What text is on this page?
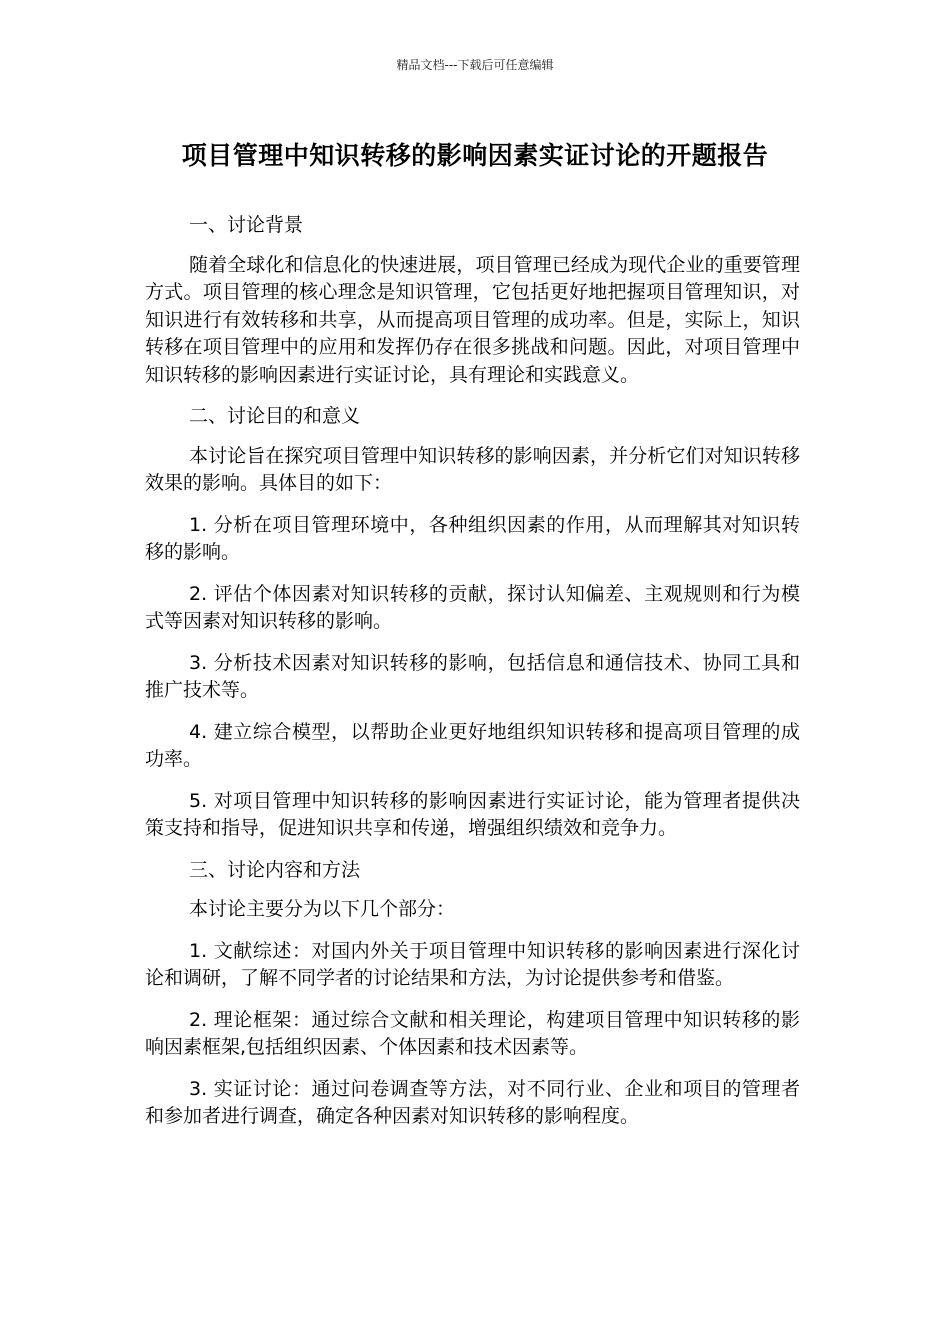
精品文档---下载后可任意编辑
项目管理中知识转移的影响因素实证讨论的开题报告
一、讨论背景

随着全球化和信息化的快速进展，项目管理已经成为现代企业的重要管理方式。项目管理的核心理念是知识管理，它包括更好地把握项目管理知识，对知识进行有效转移和共享，从而提高项目管理的成功率。但是，实际上，知识转移在项目管理中的应用和发挥仍存在很多挑战和问题。因此，对项目管理中知识转移的影响因素进行实证讨论，具有理论和实践意义。

二、讨论目的和意义

本讨论旨在探究项目管理中知识转移的影响因素，并分析它们对知识转移效果的影响。具体目的如下：

1. 分析在项目管理环境中，各种组织因素的作用，从而理解其对知识转移的影响。

2. 评估个体因素对知识转移的贡献，探讨认知偏差、主观规则和行为模式等因素对知识转移的影响。

3. 分析技术因素对知识转移的影响，包括信息和通信技术、协同工具和推广技术等。

4. 建立综合模型，以帮助企业更好地组织知识转移和提高项目管理的成功率。

5. 对项目管理中知识转移的影响因素进行实证讨论，能为管理者提供决策支持和指导，促进知识共享和传递，增强组织绩效和竞争力。

三、讨论内容和方法

本讨论主要分为以下几个部分：

1. 文献综述：对国内外关于项目管理中知识转移的影响因素进行深化讨论和调研，了解不同学者的讨论结果和方法，为讨论提供参考和借鉴。

2. 理论框架：通过综合文献和相关理论，构建项目管理中知识转移的影响因素框架,包括组织因素、个体因素和技术因素等。

3. 实证讨论：通过问卷调查等方法，对不同行业、企业和项目的管理者和参加者进行调查，确定各种因素对知识转移的影响程度。
